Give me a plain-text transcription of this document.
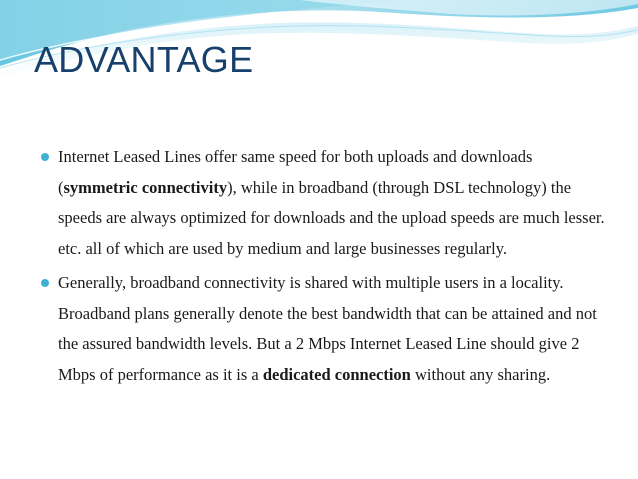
ADVANTAGE
Internet Leased Lines offer same speed for both uploads and downloads (symmetric connectivity), while in broadband (through DSL technology) the speeds are always optimized for downloads and the upload speeds are much lesser. etc. all of which are used by medium and large businesses regularly.
Generally, broadband connectivity is shared with multiple users in a locality. Broadband plans generally denote the best bandwidth that can be attained and not the assured bandwidth levels. But a 2 Mbps Internet Leased Line should give 2 Mbps of performance as it is a dedicated connection without any sharing.
